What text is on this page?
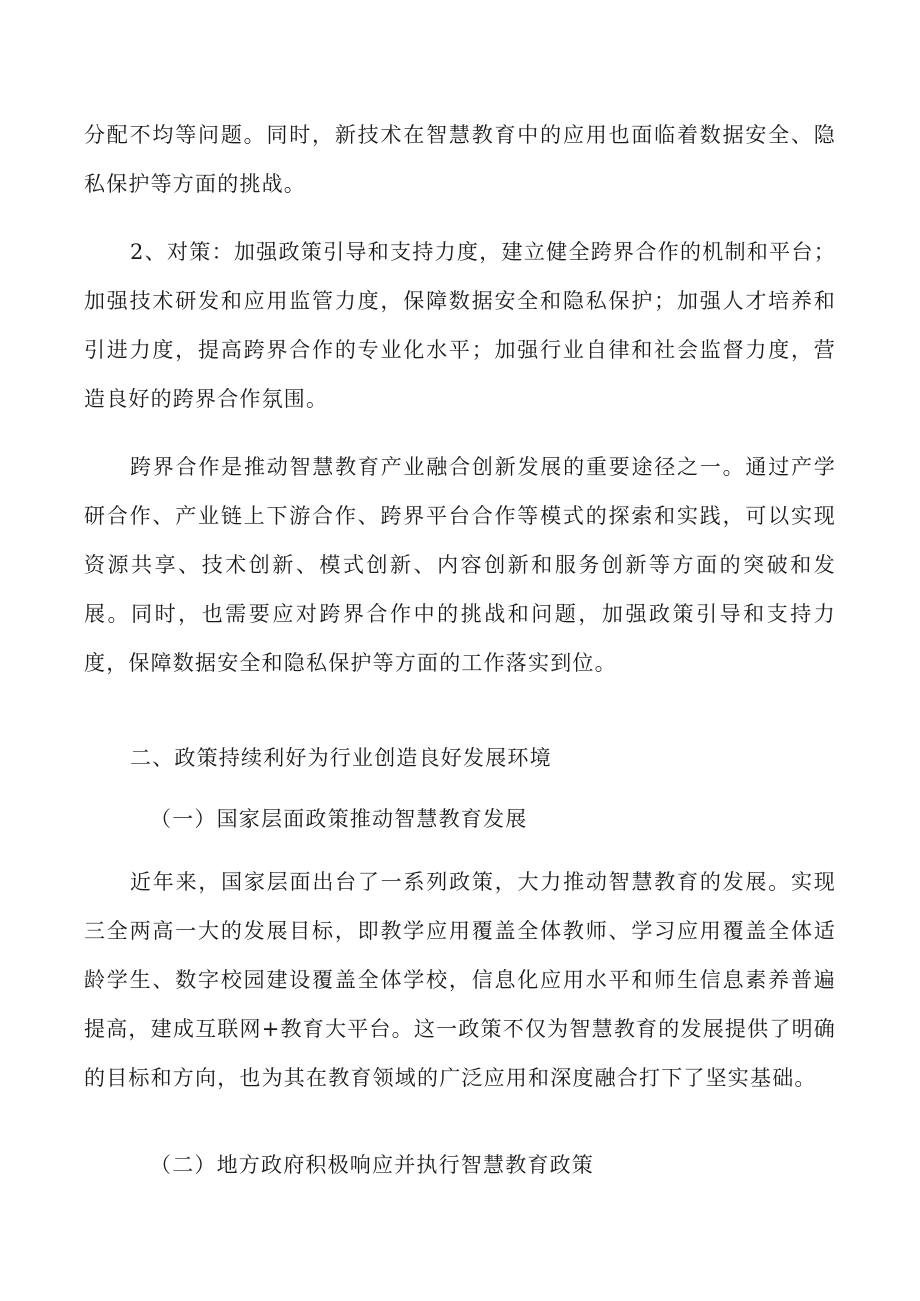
分配不均等问题。同时，新技术在智慧教育中的应用也面临着数据安全、隐私保护等方面的挑战。

2、对策：加强政策引导和支持力度，建立健全跨界合作的机制和平台；加强技术研发和应用监管力度，保障数据安全和隐私保护；加强人才培养和引进力度，提高跨界合作的专业化水平；加强行业自律和社会监督力度，营造良好的跨界合作氛围。

跨界合作是推动智慧教育产业融合创新发展的重要途径之一。通过产学研合作、产业链上下游合作、跨界平台合作等模式的探索和实践，可以实现资源共享、技术创新、模式创新、内容创新和服务创新等方面的突破和发展。同时，也需要应对跨界合作中的挑战和问题，加强政策引导和支持力度，保障数据安全和隐私保护等方面的工作落实到位。

二、政策持续利好为行业创造良好发展环境
（一）国家层面政策推动智慧教育发展

近年来，国家层面出台了一系列政策，大力推动智慧教育的发展。实现三全两高一大的发展目标，即教学应用覆盖全体教师、学习应用覆盖全体适龄学生、数字校园建设覆盖全体学校，信息化应用水平和师生信息素养普遍提高，建成互联网+教育大平台。这一政策不仅为智慧教育的发展提供了明确的目标和方向，也为其在教育领域的广泛应用和深度融合打下了坚实基础。

（二）地方政府积极响应并执行智慧教育政策
